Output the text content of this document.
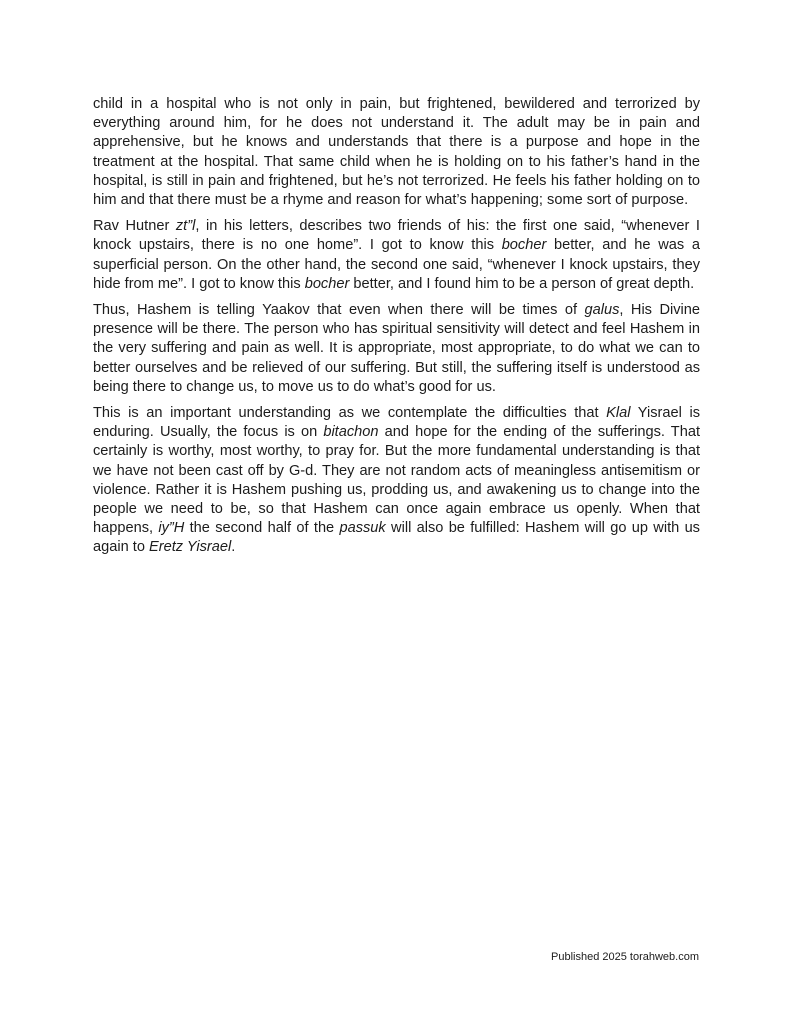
child in a hospital who is not only in pain, but frightened, bewildered and terrorized by everything around him, for he does not understand it. The adult may be in pain and apprehensive, but he knows and understands that there is a purpose and hope in the treatment at the hospital. That same child when he is holding on to his father’s hand in the hospital, is still in pain and frightened, but he’s not terrorized. He feels his father holding on to him and that there must be a rhyme and reason for what’s happening; some sort of purpose.

Rav Hutner zt”l, in his letters, describes two friends of his: the first one said, “whenever I knock upstairs, there is no one home”. I got to know this bocher better, and he was a superficial person. On the other hand, the second one said, “whenever I knock upstairs, they hide from me”. I got to know this bocher better, and I found him to be a person of great depth.

Thus, Hashem is telling Yaakov that even when there will be times of galus, His Divine presence will be there. The person who has spiritual sensitivity will detect and feel Hashem in the very suffering and pain as well. It is appropriate, most appropriate, to do what we can to better ourselves and be relieved of our suffering. But still, the suffering itself is understood as being there to change us, to move us to do what’s good for us.

This is an important understanding as we contemplate the difficulties that Klal Yisrael is enduring. Usually, the focus is on bitachon and hope for the ending of the sufferings. That certainly is worthy, most worthy, to pray for. But the more fundamental understanding is that we have not been cast off by G-d. They are not random acts of meaningless antisemitism or violence. Rather it is Hashem pushing us, prodding us, and awakening us to change into the people we need to be, so that Hashem can once again embrace us openly. When that happens, iy”H the second half of the passuk will also be fulfilled: Hashem will go up with us again to Eretz Yisrael.

Published 2025 torahweb.com
